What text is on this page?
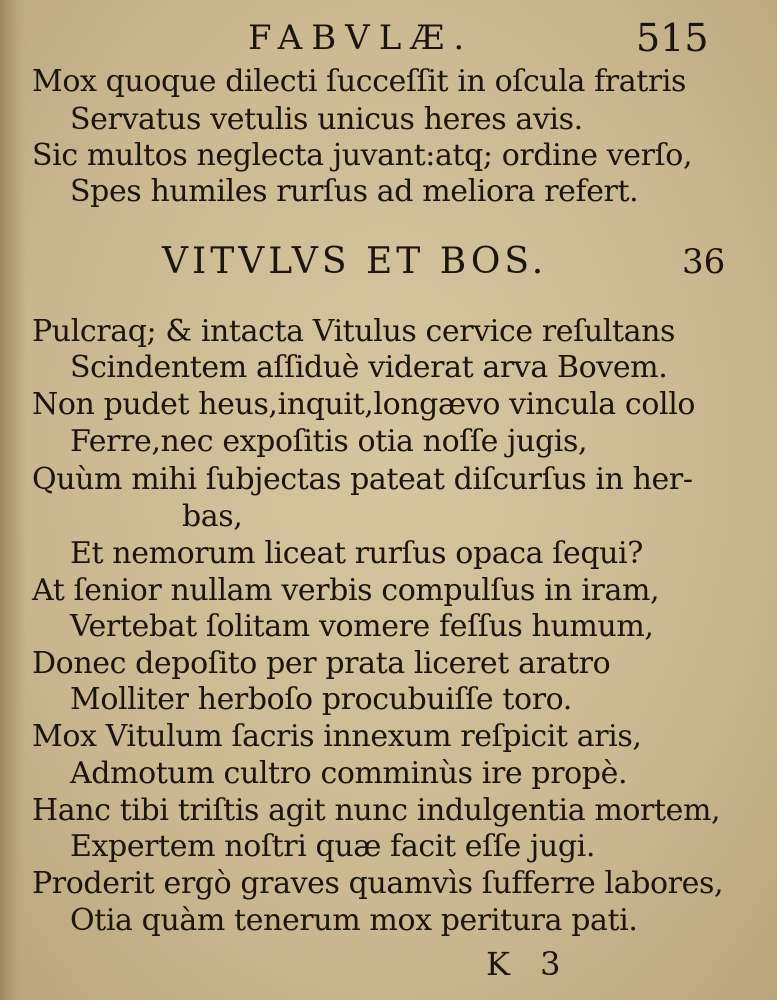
FABVLÆ.	515
Mox quoque dilecti ſucceſſit in oſcula fratris
Servatus vetulis unicus heres avis.
Sic multos neglecta juvant:atq; ordine verſo,
Spes humiles rurſus ad meliora refert.
VITVLVS ET BOS.	36
Pulcraq; & intacta Vitulus cervice reſultans
Scindentem aſſiduè viderat arva Bovem.
Non pudet heus,inquit,longævo vincula collo
Ferre,nec expoſitis otia noſſe jugis,
Quùm mihi ſubjectas pateat diſcurſus in her-
bas,
Et nemorum liceat rurſus opaca ſequi?
At ſenior nullam verbis compulſus in iram,
Vertebat ſolitam vomere feſſus humum,
Donec depoſito per prata liceret aratro
Molliter herboſo procubuiſſe toro.
Mox Vitulum ſacris innexum reſpicit aris,
Admotum cultro comminùs ire propè.
Hanc tibi triſtis agit nunc indulgentia mortem,
Expertem noſtri quæ facit eſſe jugi.
Proderit ergò graves quamvìs ſufferre labores,
Otia quàm tenerum mox peritura pati.
K 3
